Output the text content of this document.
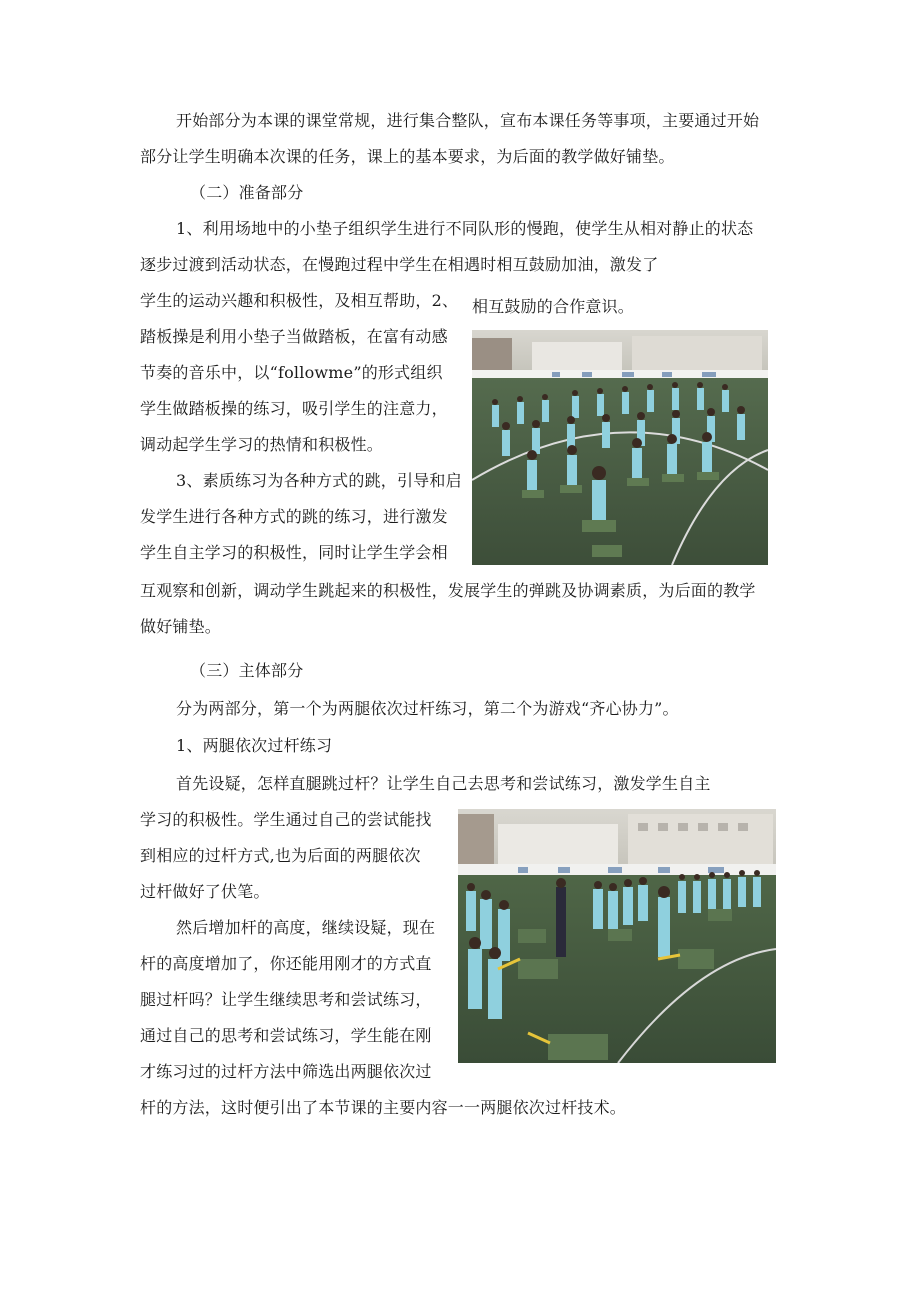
开始部分为本课的课堂常规，进行集合整队，宣布本课任务等事项，主要通过开始
部分让学生明确本次课的任务，课上的基本要求，为后面的教学做好铺垫。
（二）准备部分
1、利用场地中的小垫子组织学生进行不同队形的慢跑，使学生从相对静止的状态
逐步过渡到活动状态，在慢跑过程中学生在相遇时相互鼓励加油，激发了
学生的运动兴趣和积极性，及相互帮助，2、 相互鼓励的合作意识。
踏板操是利用小垫子当做踏板，在富有动感
节奏的音乐中，以“followme”的形式组织
学生做踏板操的练习，吸引学生的注意力，
调动起学生学习的热情和积极性。
3、素质练习为各种方式的跳，引导和启
发学生进行各种方式的跳的练习，进行激发
学生自主学习的积极性，同时让学生学会相
互观察和创新，调动学生跳起来的积极性，发展学生的弹跳及协调素质，为后面的教学
做好铺垫。
（三）主体部分
分为两部分，第一个为两腿依次过杆练习，第二个为游戏“齐心协力”。
1、两腿依次过杆练习
首先设疑，怎样直腿跳过杆？让学生自己去思考和尝试练习，激发学生自主
学习的积极性。学生通过自己的尝试能找
到相应的过杆方式,也为后面的两腿依次
过杆做好了伏笔。
然后增加杆的高度，继续设疑，现在
杆的高度增加了，你还能用刚才的方式直
腿过杆吗？让学生继续思考和尝试练习，
通过自己的思考和尝试练习，学生能在刚
才练习过的过杆方法中筛选出两腿依次过
杆的方法，这时便引出了本节课的主要内容一一两腿依次过杆技术。
